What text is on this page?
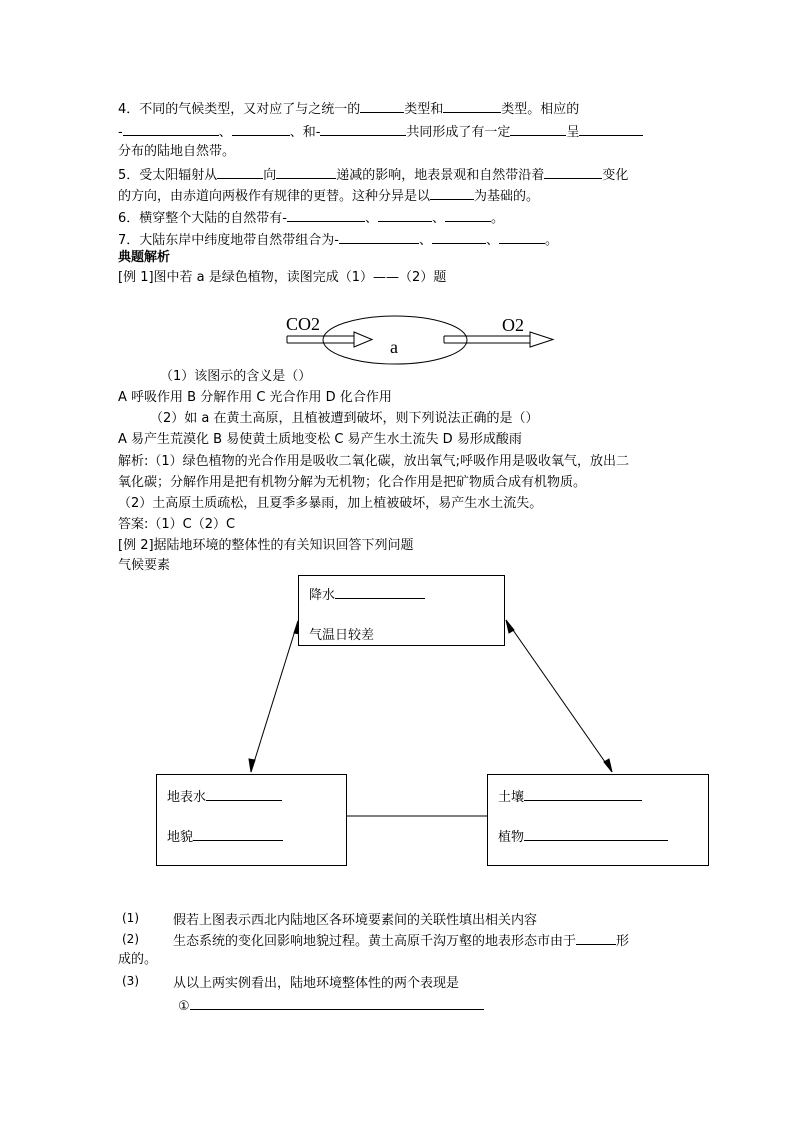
4．不同的气候类型，又对应了与之统一的	类型和	类型。相应的
-	、	、和-	共同形成了有一定	呈
分布的陆地自然带。
5．受太阳辐射从	向	递减的影响，地表景观和自然带沿着	变化
的方向，由赤道向两极作有规律的更替。这种分异是以	为基础的。
6．横穿整个大陆的自然带有-	、	、	。
7．大陆东岸中纬度地带自然带组合为-	、	、	。
典题解析
[例 1]图中若 a 是绿色植物，读图完成（1）——（2）题
CO2
a
O2
（1）该图示的含义是（）
A 呼吸作用 B 分解作用 C 光合作用 D 化合作用
（2）如 a 在黄土高原，且植被遭到破坏，则下列说法正确的是（）
A 易产生荒漠化 B 易使黄土质地变松 C 易产生水土流失 D 易形成酸雨
解析:（1）绿色植物的光合作用是吸收二氧化碳，放出氧气;呼吸作用是吸收氧气，放出二
氧化碳；分解作用是把有机物分解为无机物；化合作用是把矿物质合成有机物质。
（2）土高原土质疏松，且夏季多暴雨，加上植被破坏，易产生水土流失。
答案:（1）C（2）C
[例 2]据陆地环境的整体性的有关知识回答下列问题
气候要素
降水
气温日较差
地表水
地貌
土壤
植物
(1)	假若上图表示西北内陆地区各环境要素间的关联性填出相关内容
(2)	生态系统的变化回影响地貌过程。黄土高原千沟万壑的地表形态市由于	形
成的。
(3)	从以上两实例看出，陆地环境整体性的两个表现是
①
